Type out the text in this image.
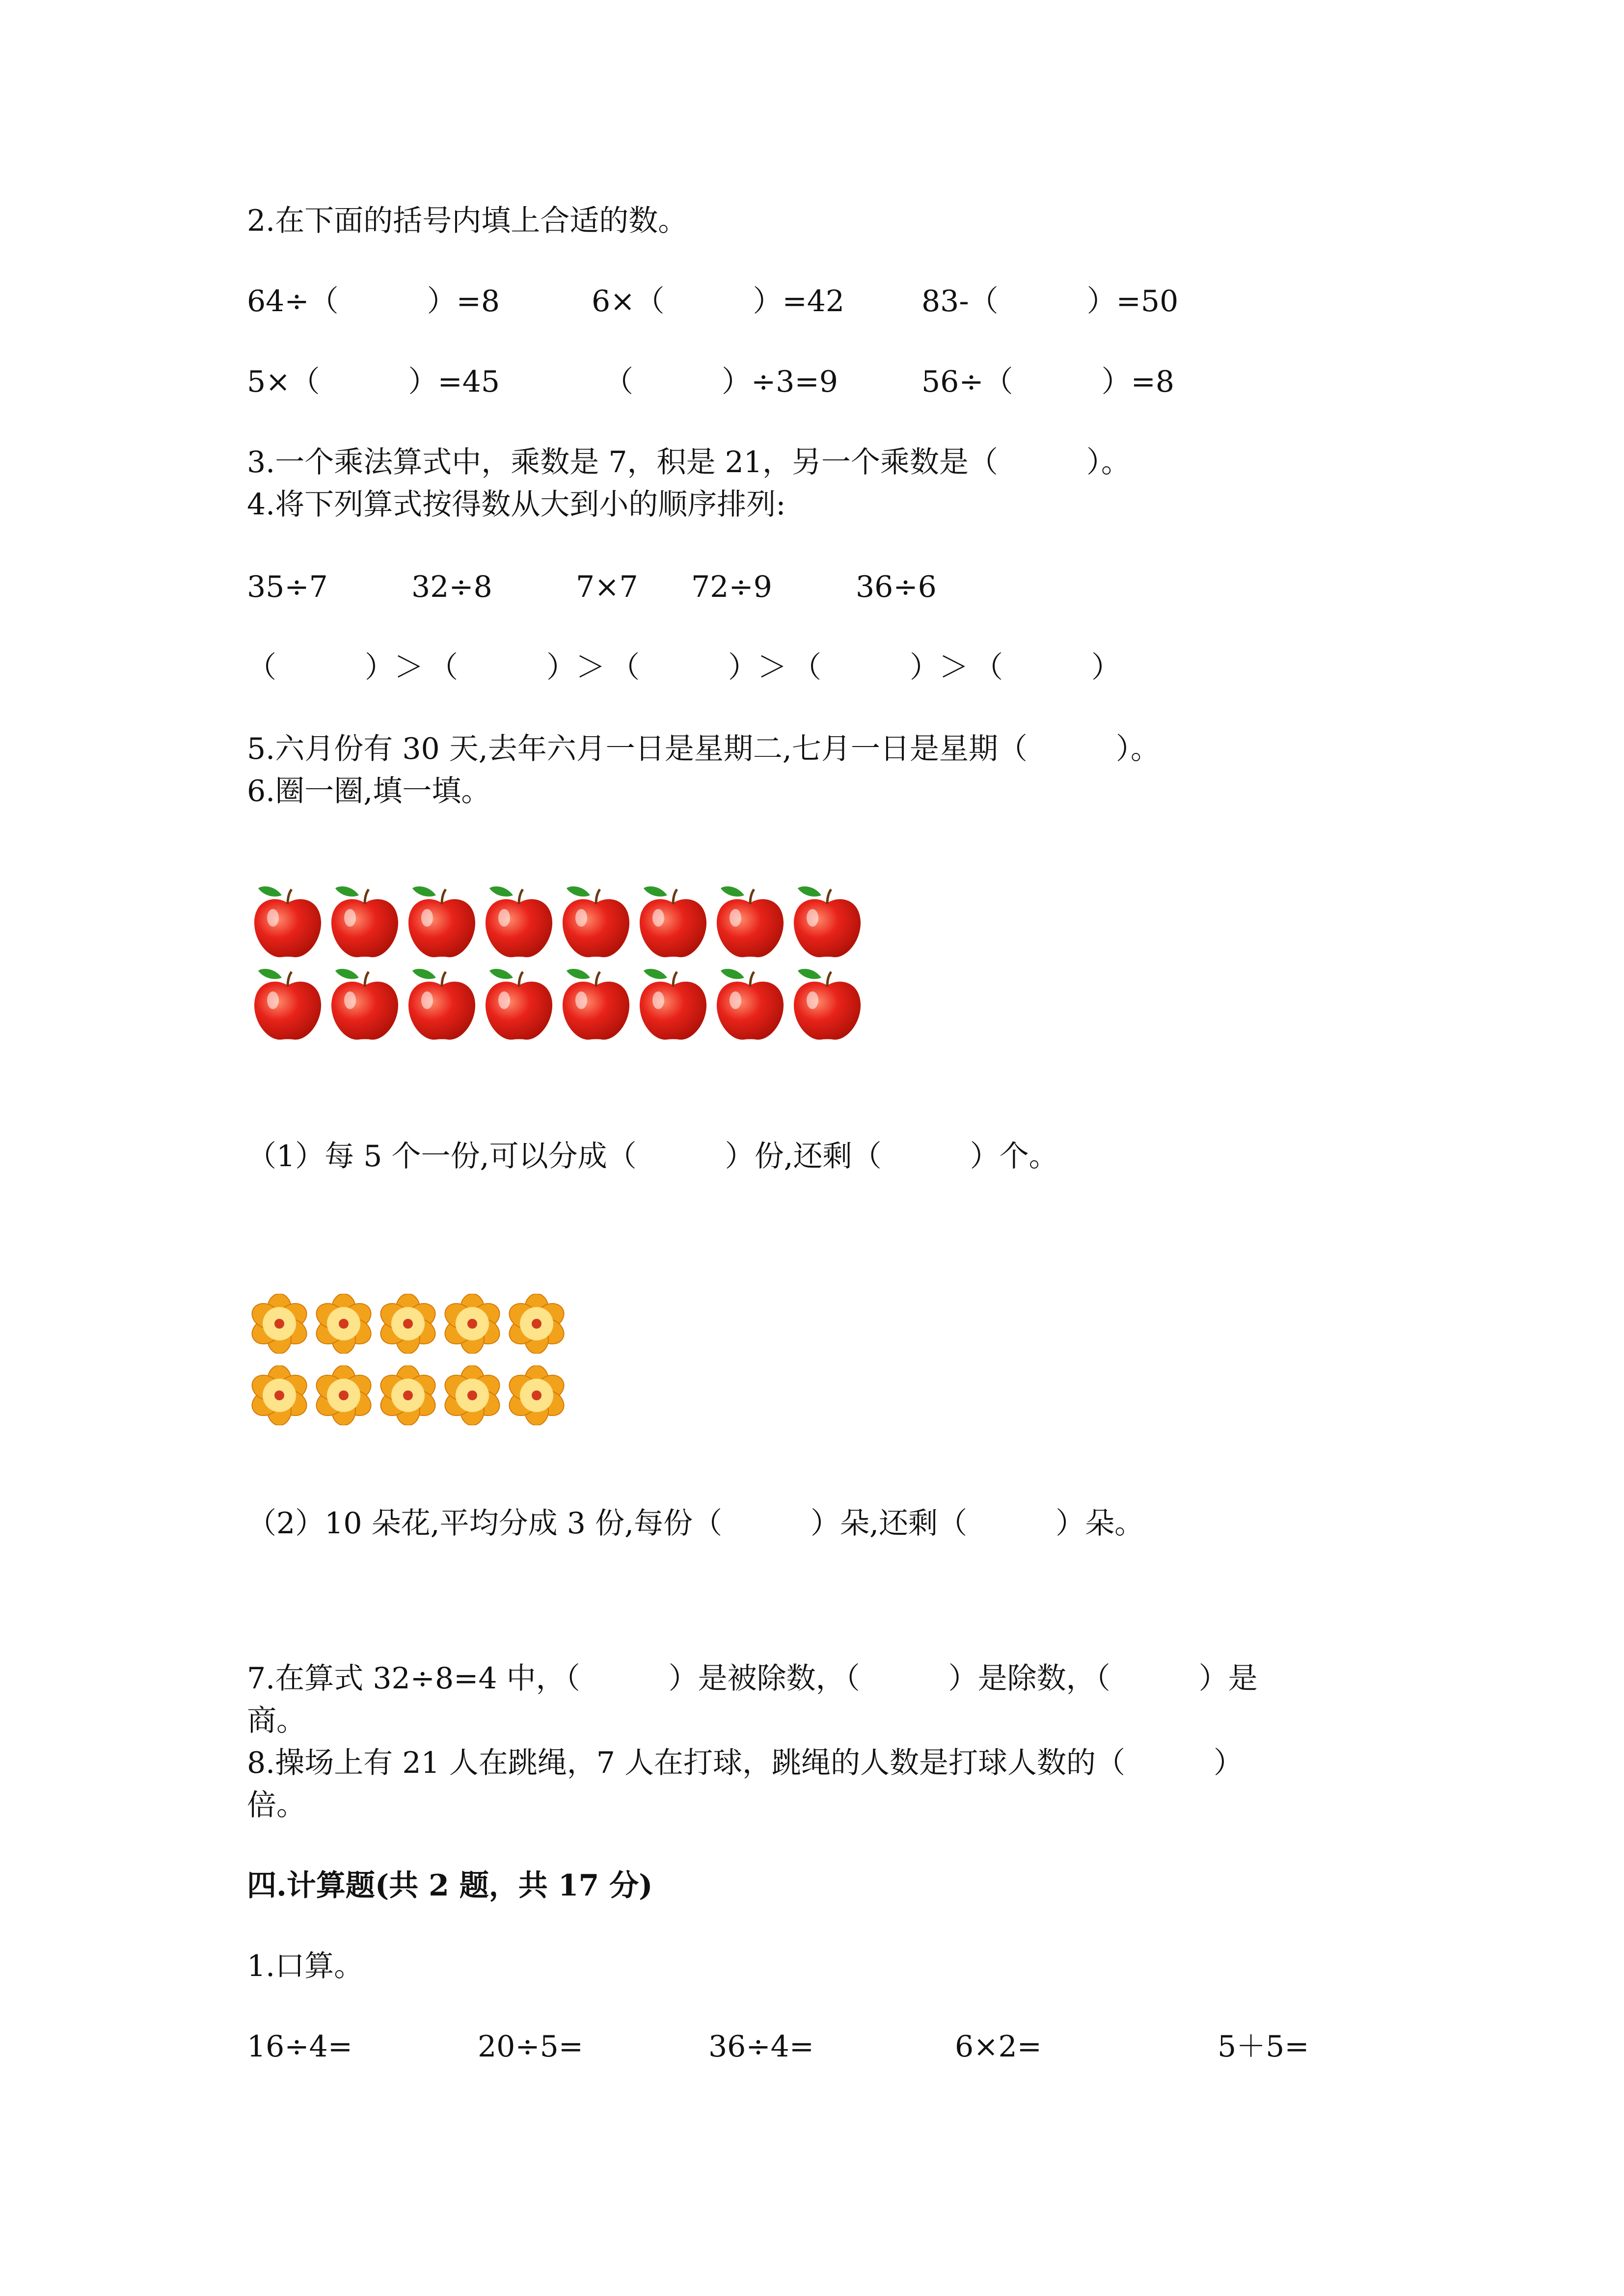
2.在下面的括号内填上合适的数。
64÷（　　　）=8	6×（　　　）=42	83-（　　　）=50
5×（　　　）=45	（　　　）÷3=9	56÷（　　　）=8
3.一个乘法算式中，乘数是 7，积是 21，另一个乘数是（　　　）。
4.将下列算式按得数从大到小的顺序排列:
35÷7	32÷8	7×7 72÷9	36÷6
（　　　）＞ （　　　）＞ （　　　）＞ （　　　）＞ （　　　）
5.六月份有 30 天,去年六月一日是星期二,七月一日是星期（　　　）。
6.圈一圈,填一填。
（1）每 5 个一份,可以分成（　　　）份,还剩（　　　）个。
（2）10 朵花,平均分成 3 份,每份（　　　）朵,还剩（　　　）朵。
7.在算式 32÷8=4 中，（　　　）是被除数，（　　　）是除数，（　　　）是
商。
8.操场上有 21 人在跳绳，7 人在打球，跳绳的人数是打球人数的（　　　）
倍。
四.计算题(共 2 题，共 17 分)
1.口算。
16÷4=	20÷5=	36÷4=	6×2=	5＋5=
